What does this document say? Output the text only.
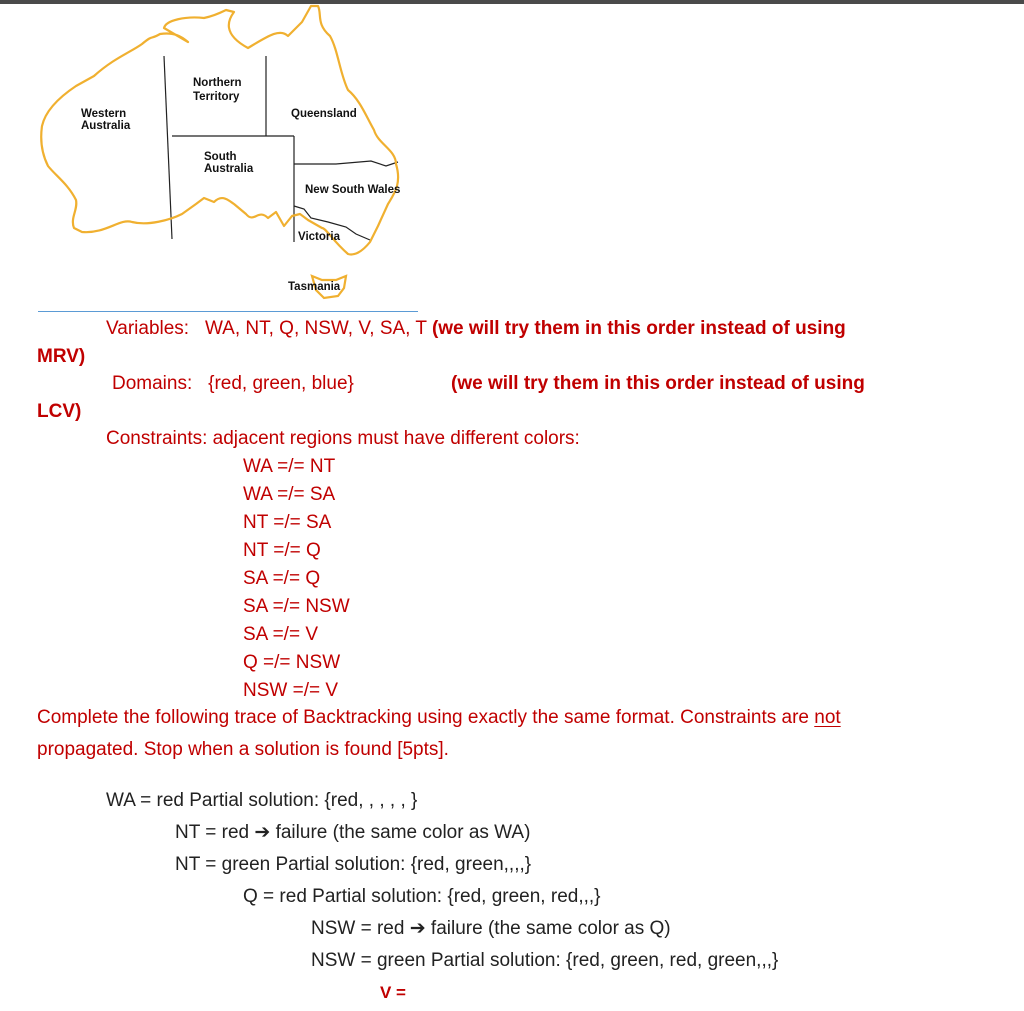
Western
Australia
Northern
Territory
Queensland
South
Australia
New South Wales
Victoria
Tasmania
Variables: WA, NT, Q, NSW, V, SA, T (we will try them in this order instead of using
MRV)
Domains: {red, green, blue}	(we will try them in this order instead of using
LCV)
Constraints: adjacent regions must have different colors:
WA =/= NT
WA =/= SA
NT =/= SA
NT =/= Q
SA =/= Q
SA =/= NSW
SA =/= V
Q =/= NSW
NSW =/= V
Complete the following trace of Backtracking using exactly the same format. Constraints are not
propagated. Stop when a solution is found [5pts].
WA = red Partial solution: {red, , , , , }
NT = red ➔ failure (the same color as WA)
NT = green Partial solution: {red, green,,,,}
Q = red Partial solution: {red, green, red,,,}
NSW = red ➔ failure (the same color as Q)
NSW = green Partial solution: {red, green, red, green,,,}
V =
